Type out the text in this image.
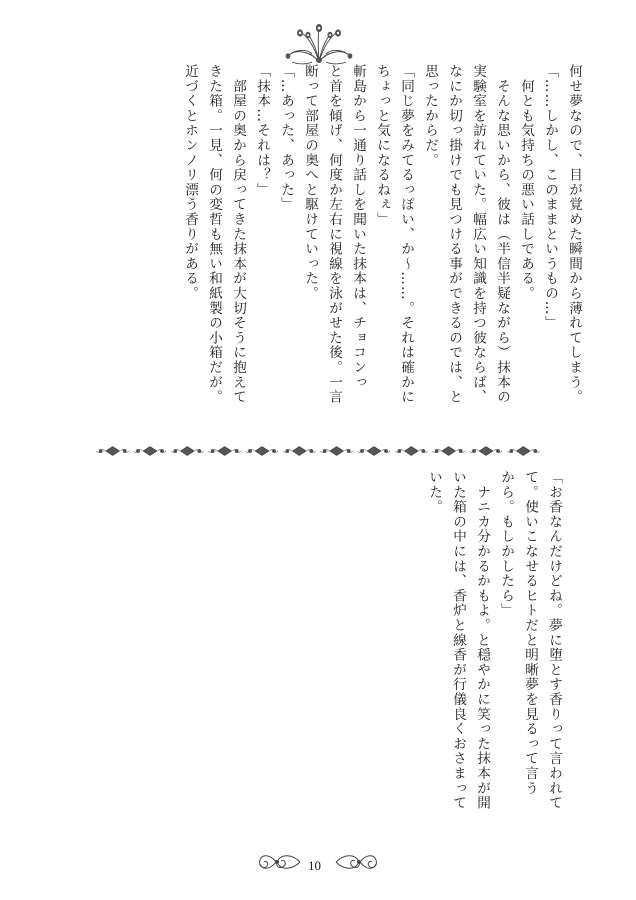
何せ夢なので、目が覚めた瞬間から薄れてしまう。
「……しかし、このままというもの…」
　何とも気持ちの悪い話しである。
　そんな思いから、彼は（半信半疑ながら）抹本の
実験室を訪れていた。幅広い知識を持つ彼ならば、
なにか切っ掛けでも見つける事ができるのでは、と
思ったからだ。
「同じ夢をみてるっぽい、か〜……。それは確かに
ちょっと気になるねぇ」
斬島から一通り話しを聞いた抹本は、チョコンっ
と首を傾げ、何度か左右に視線を泳がせた後。一言
断って部屋の奥へと駆けていった。
「…あった、あった」
「抹本…それは？」
　部屋の奥から戻ってきた抹本が大切そうに抱えて
きた箱。一見、何の変哲も無い和紙製の小箱だが。
近づくとホンノリ漂う香りがある。
「お香なんだけどね。夢に堕とす香りって言われて
て。使いこなせるヒトだと明晰夢を見るって言う
から。もしかしたら」
　ナニカ分かるかもよ。と穏やかに笑った抹本が開
いた箱の中には、香炉と線香が行儀良くおさまって
いた。
10
